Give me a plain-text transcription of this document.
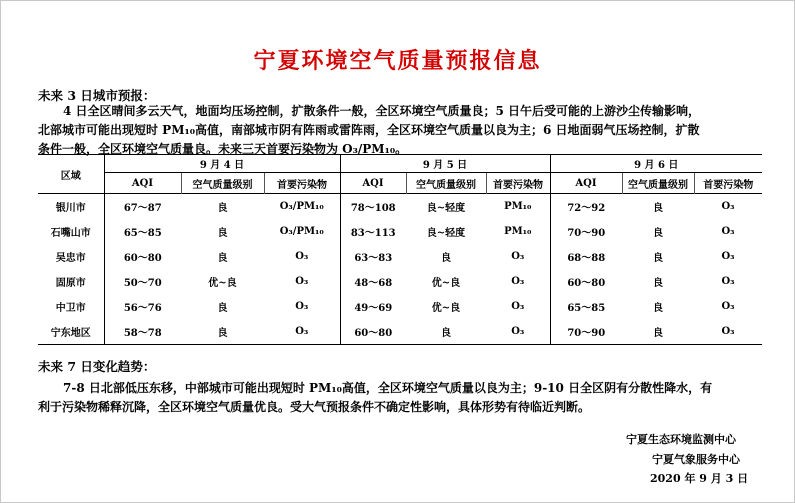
宁夏环境空气质量预报信息
未来 3 日城市预报：
4 日全区晴间多云天气，地面均压场控制，扩散条件一般，全区环境空气质量良；5 日午后受可能的上游沙尘传输影响，
北部城市可能出现短时 PM₁₀高值，南部城市阴有阵雨或雷阵雨，全区环境空气质量以良为主；6 日地面弱气压场控制，扩散
条件一般，全区环境空气质量良。未来三天首要污染物为 O₃/PM₁₀。
区域	9 月 4 日			9 月 5 日			9 月 6 日		
	AQI	空气质量级别	首要污染物	AQI	空气质量级别	首要污染物	AQI	空气质量级别	首要污染物
银川市	67～87	良	O₃/PM₁₀	78～108	良~轻度	PM₁₀	72～92	良	O₃
石嘴山市	65～85	良	O₃/PM₁₀	83～113	良~轻度	PM₁₀	70～90	良	O₃
吴忠市	60～80	良	O₃	63～83	良	O₃	68～88	良	O₃
固原市	50～70	优~良	O₃	48～68	优~良	O₃	60～80	良	O₃
中卫市	56～76	良	O₃	49～69	优~良	O₃	65～85	良	O₃
宁东地区	58～78	良	O₃	60～80	良	O₃	70～90	良	O₃
未来 7 日变化趋势：
7-8 日北部低压东移，中部城市可能出现短时 PM₁₀高值，全区环境空气质量以良为主；9-10 日全区阴有分散性降水，有
利于污染物稀释沉降，全区环境空气质量优良。受大气预报条件不确定性影响，具体形势有待临近判断。
宁夏生态环境监测中心
宁夏气象服务中心
2020 年 9 月 3 日
